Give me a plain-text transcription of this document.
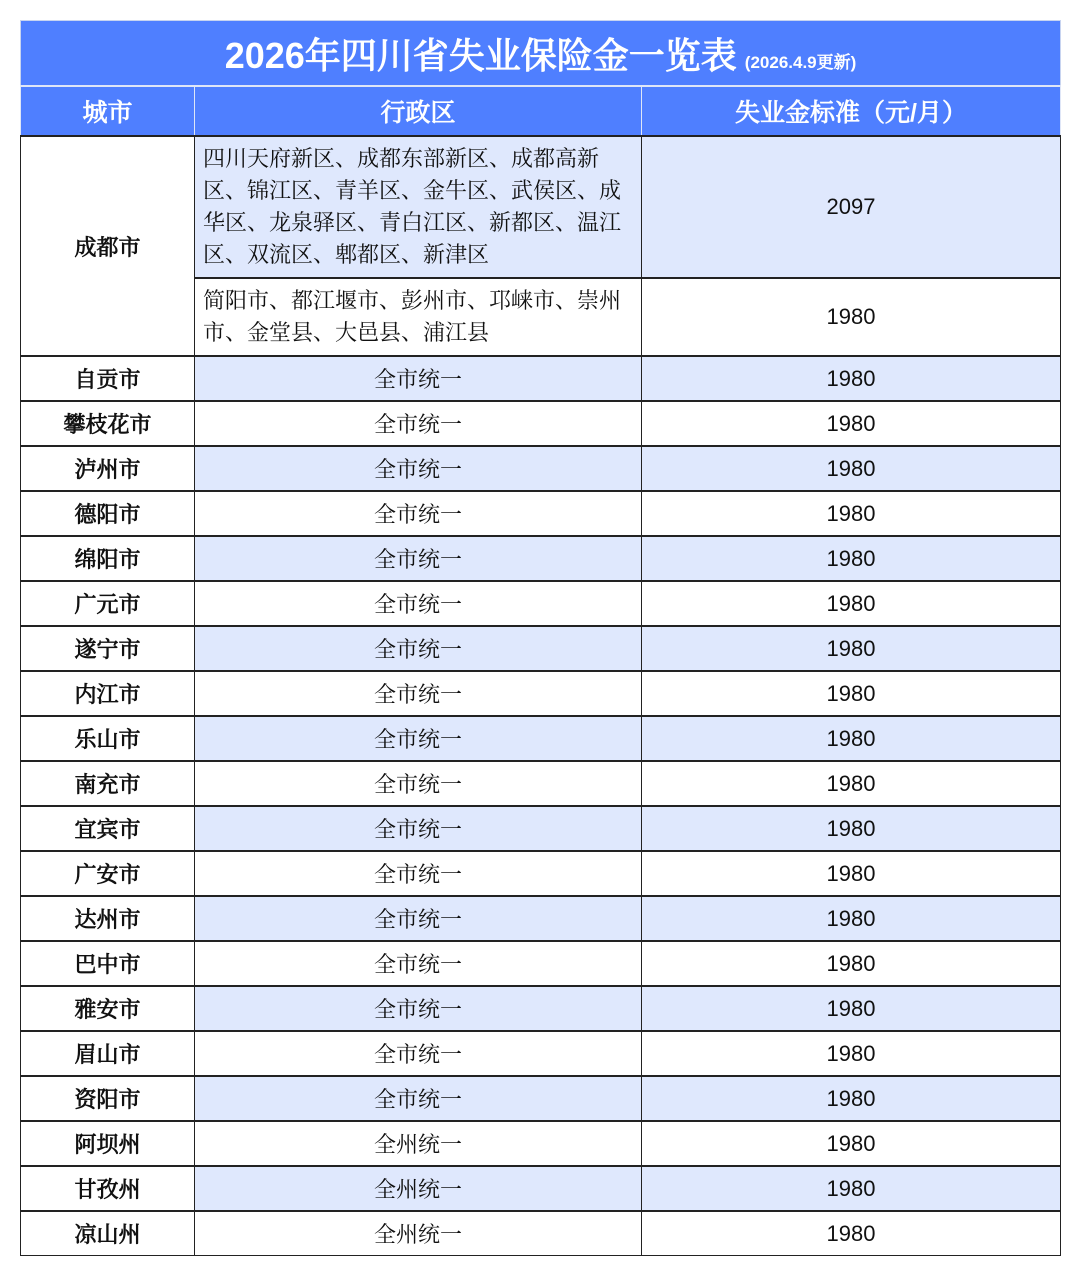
2026年四川省失业保险金一览表 (2026.4.9更新)		
城市	行政区	失业金标准（元/月）
成都市	四川天府新区、成都东部新区、成都高新区、锦江区、青羊区、金牛区、武侯区、成华区、龙泉驿区、青白江区、新都区、温江区、双流区、郫都区、新津区	2097
	简阳市、都江堰市、彭州市、邛崃市、崇州市、金堂县、大邑县、浦江县	1980
自贡市	全市统一	1980
攀枝花市	全市统一	1980
泸州市	全市统一	1980
德阳市	全市统一	1980
绵阳市	全市统一	1980
广元市	全市统一	1980
遂宁市	全市统一	1980
内江市	全市统一	1980
乐山市	全市统一	1980
南充市	全市统一	1980
宜宾市	全市统一	1980
广安市	全市统一	1980
达州市	全市统一	1980
巴中市	全市统一	1980
雅安市	全市统一	1980
眉山市	全市统一	1980
资阳市	全市统一	1980
阿坝州	全州统一	1980
甘孜州	全州统一	1980
凉山州	全州统一	1980
